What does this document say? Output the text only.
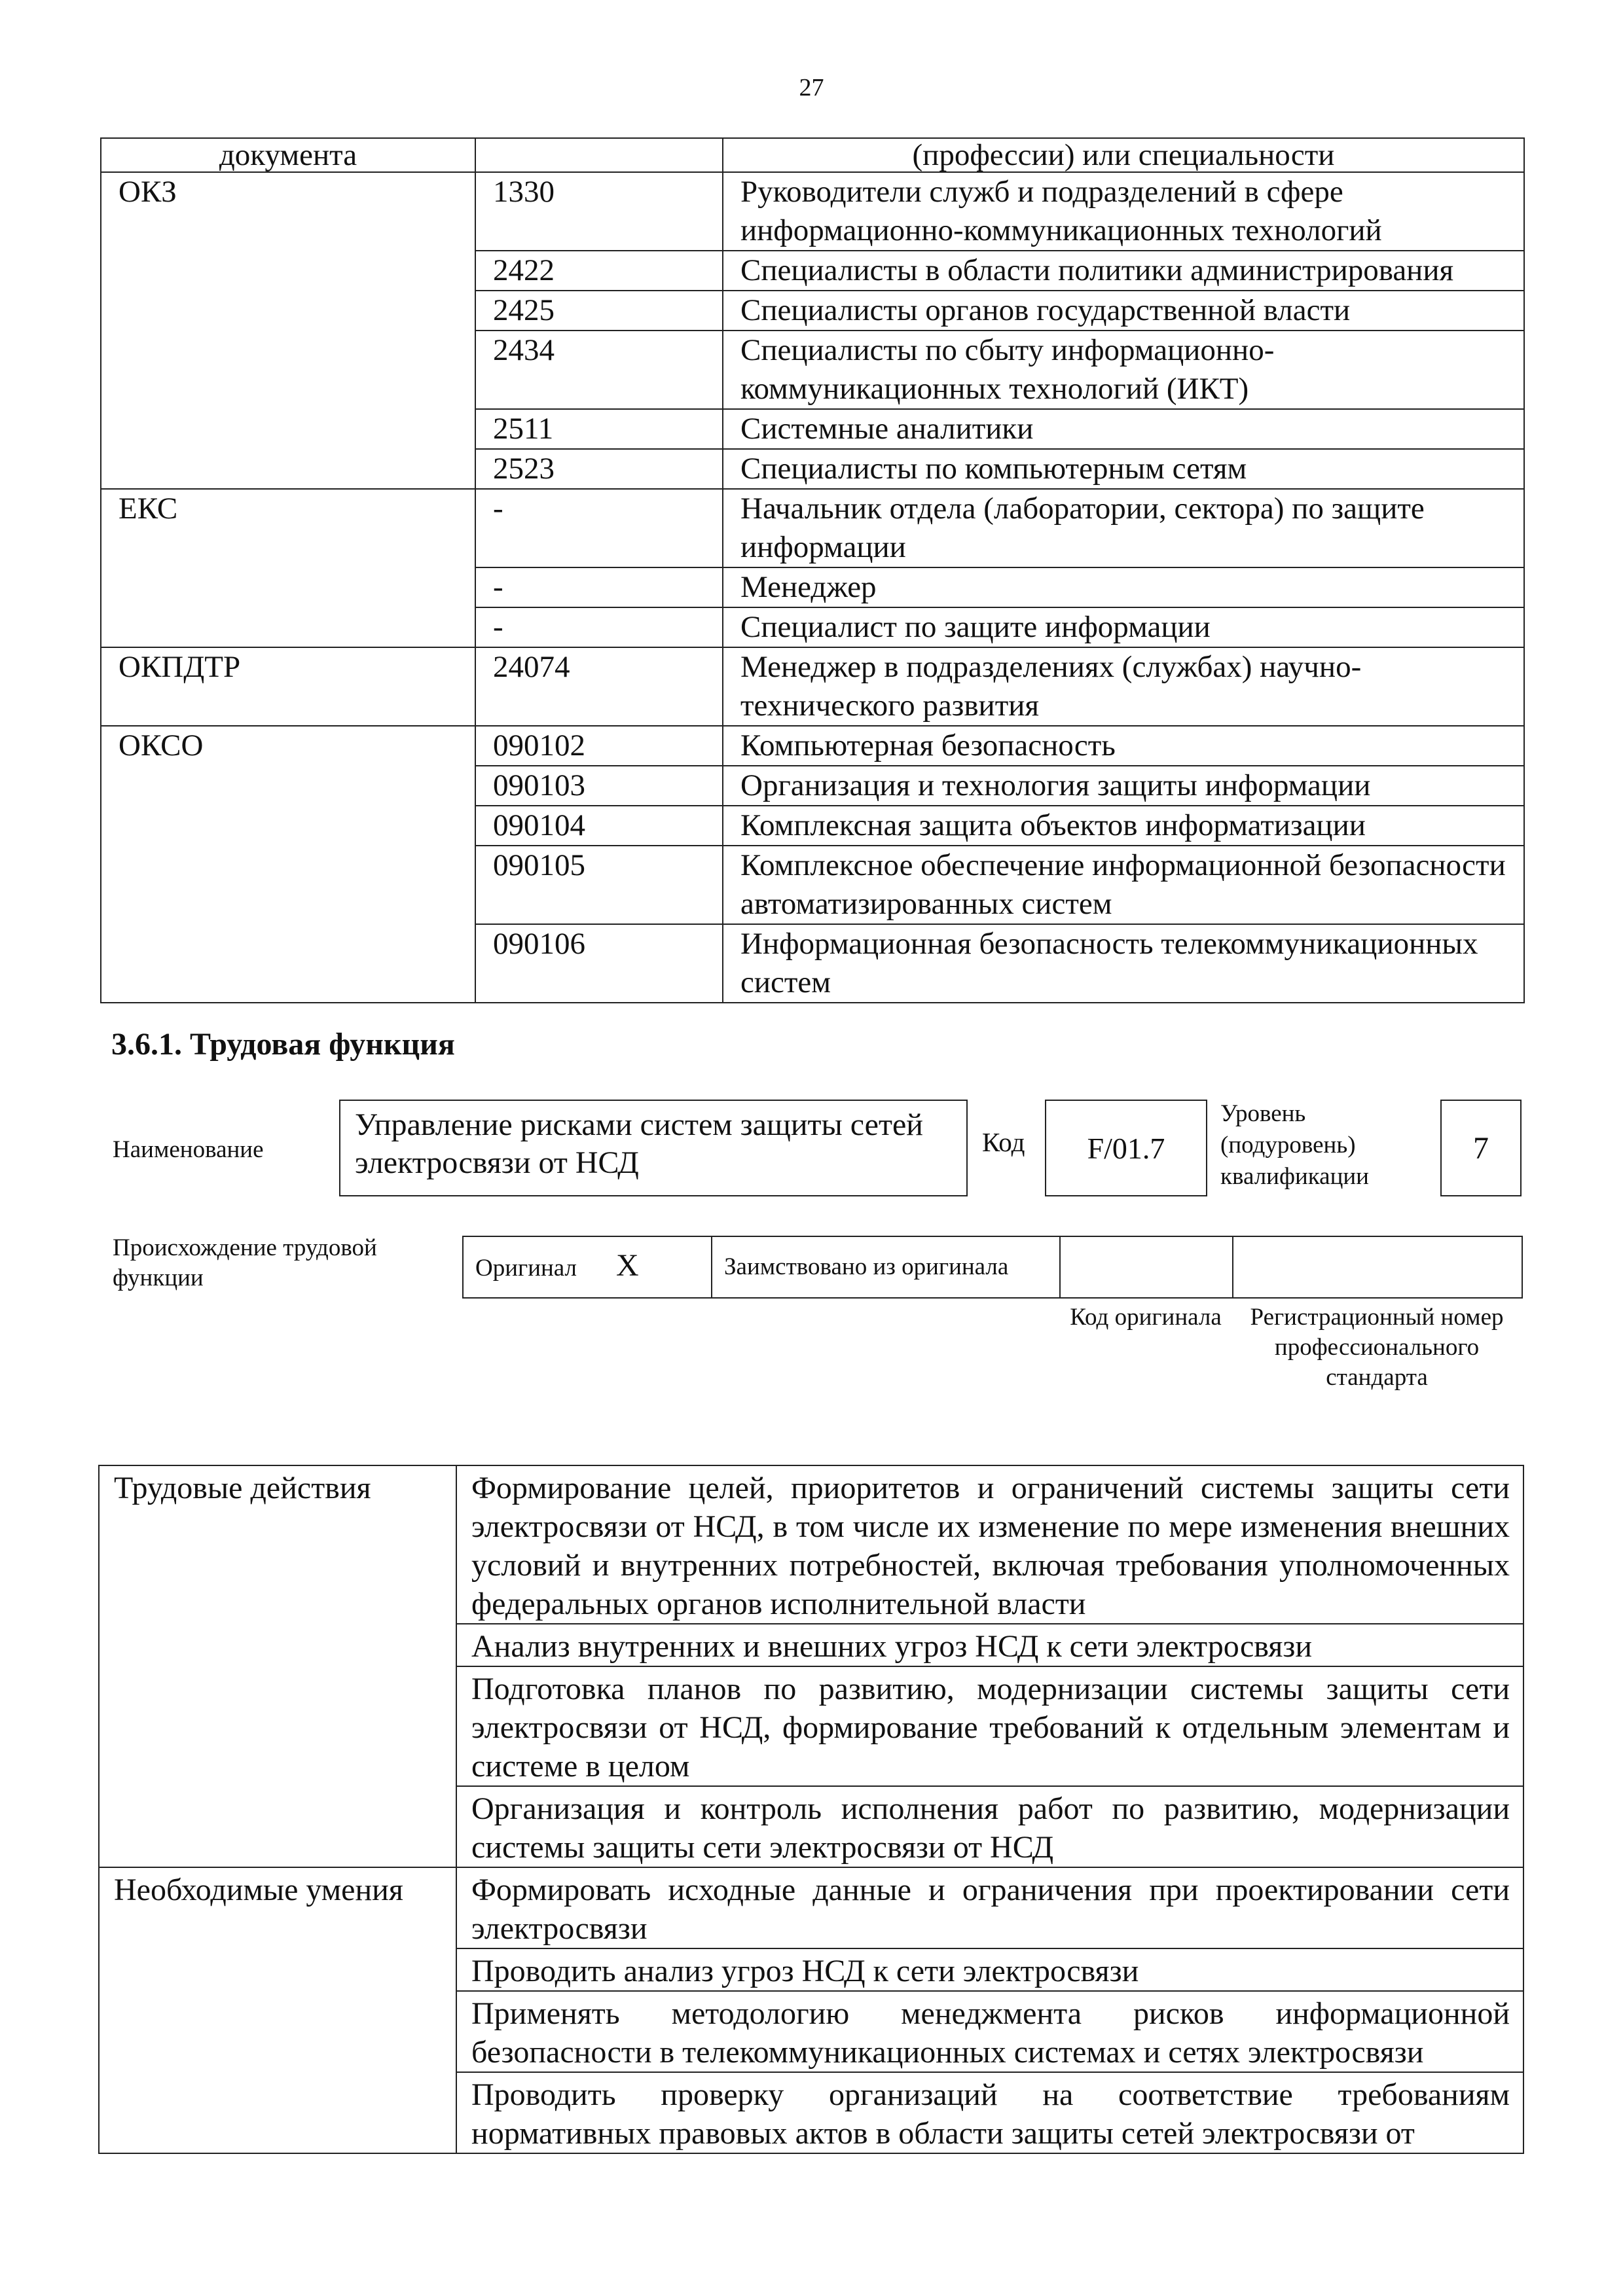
27
документа		(профессии) или специальности
ОКЗ	1330	Руководители служб и подразделений в сфере информационно-коммуникационных технологий
	2422	Специалисты в области политики администрирования
	2425	Специалисты органов государственной власти
	2434	Специалисты по сбыту информационно-коммуникационных технологий (ИКТ)
	2511	Системные аналитики
	2523	Специалисты по компьютерным сетям
ЕКС	-	Начальник отдела (лаборатории, сектора) по защите информации
	-	Менеджер
	-	Специалист по защите информации
ОКПДТР	24074	Менеджер в подразделениях (службах) научно-технического развития
ОКСО	090102	Компьютерная безопасность
	090103	Организация и технология защиты информации
	090104	Комплексная защита объектов информатизации
	090105	Комплексное обеспечение информационной безопасности автоматизированных систем
	090106	Информационная безопасность телекоммуникационных систем
3.6.1. Трудовая функция
Наименование
Управление рисками систем защиты сетей электросвязи от НСД
Код	F/01.7
Уровень (подуровень) квалификации
7
Происхождение трудовой функции	Оригинал X	Заимствовано из оригинала		
Код оригинала	Регистрационный номер профессионального стандарта
Трудовые действия	Формирование целей, приоритетов и ограничений системы защиты сети электросвязи от НСД, в том числе их изменение по мере изменения внешних условий и внутренних потребностей, включая требования уполномоченных федеральных органов исполнительной власти
	Анализ внутренних и внешних угроз НСД к сети электросвязи
	Подготовка планов по развитию, модернизации системы защиты сети электросвязи от НСД, формирование требований к отдельным элементам и системе в целом
	Организация и контроль исполнения работ по развитию, модернизации системы защиты сети электросвязи от НСД
Необходимые умения	Формировать исходные данные и ограничения при проектировании сети электросвязи
	Проводить анализ угроз НСД к сети электросвязи
	Применять методологию менеджмента рисков информационной безопасности в телекоммуникационных системах и сетях электросвязи
	Проводить проверку организаций на соответствие требованиям нормативных правовых актов в области защиты сетей электросвязи от
